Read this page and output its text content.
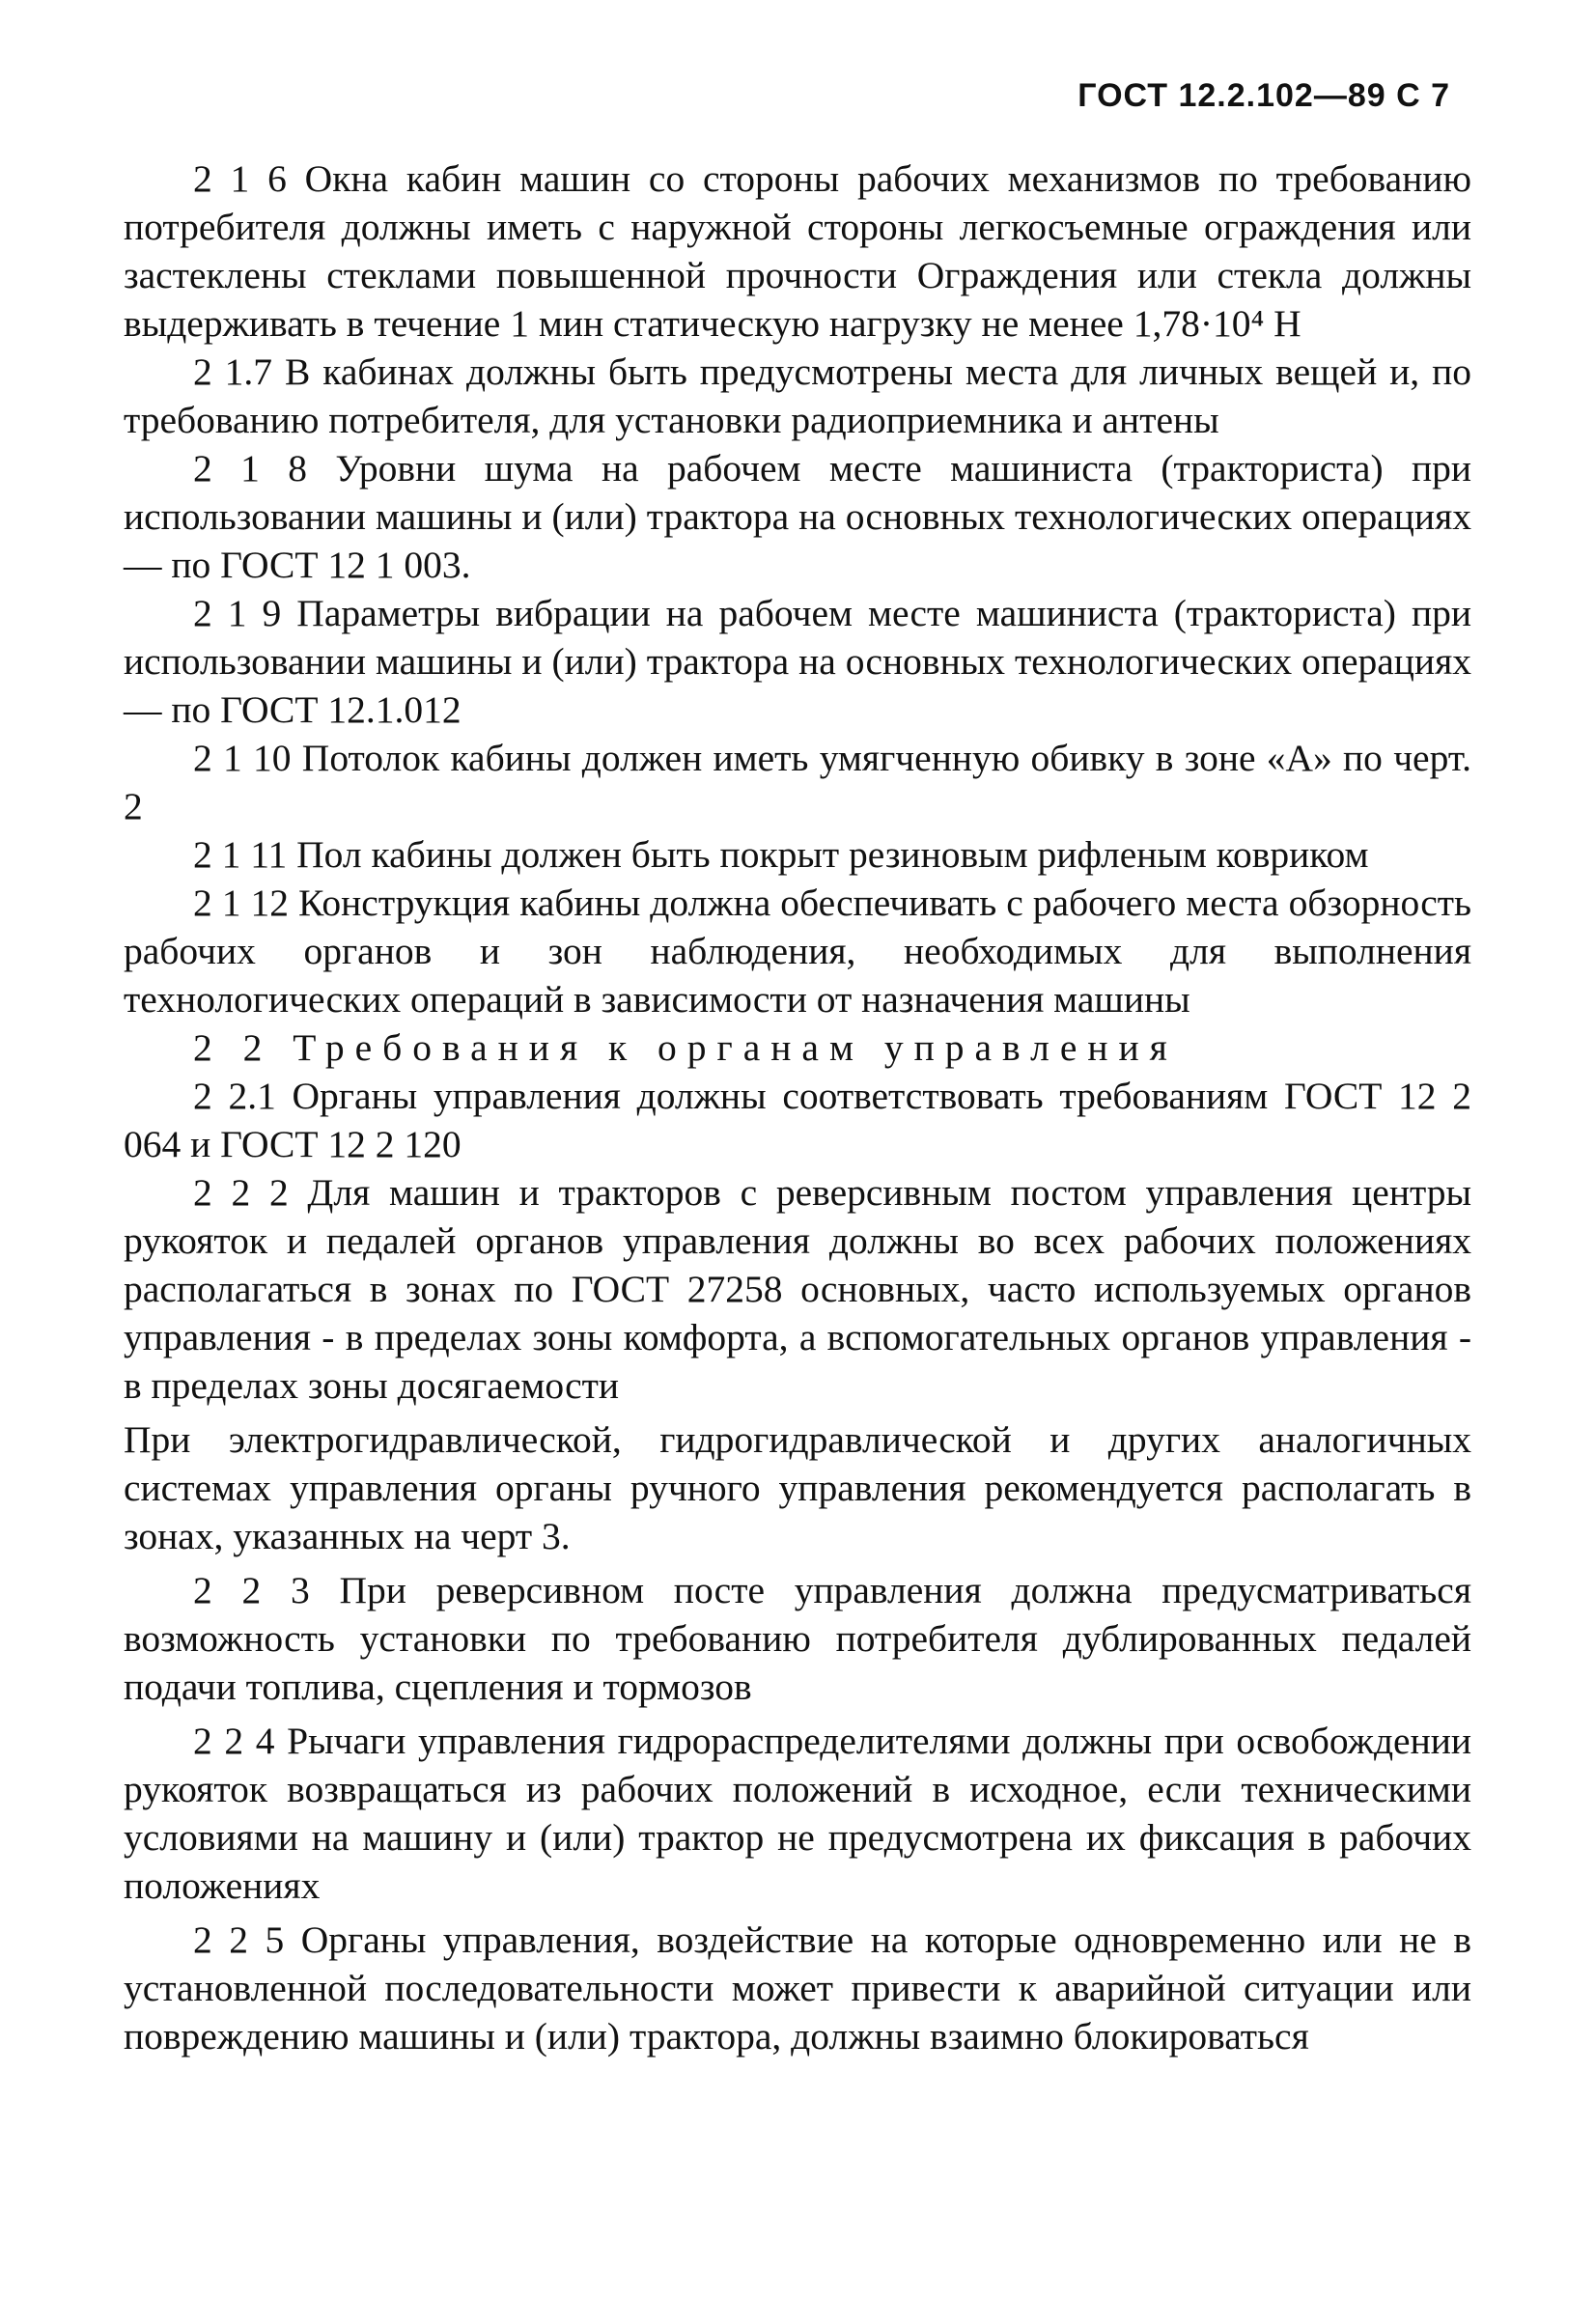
ГОСТ 12.2.102—89 С 7

2 1 6 Окна кабин машин со стороны рабочих механизмов по требованию потребителя должны иметь с наружной стороны легкосъемные ограждения или застеклены стеклами повышенной прочности Ограждения или стекла должны выдерживать в течение 1 мин статическую нагрузку не менее 1,78·10⁴ Н

2 1.7 В кабинах должны быть предусмотрены места для личных вещей и, по требованию потребителя, для установки радиоприемника и антены

2 1 8 Уровни шума на рабочем месте машиниста (тракториста) при использовании машины и (или) трактора на основных технологических операциях — по ГОСТ 12 1 003.

2 1 9 Параметры вибрации на рабочем месте машиниста (тракториста) при использовании машины и (или) трактора на основных технологических операциях — по ГОСТ 12.1.012

2 1 10 Потолок кабины должен иметь умягченную обивку в зоне «А» по черт. 2

2 1 11 Пол кабины должен быть покрыт резиновым рифленым ковриком

2 1 12 Конструкция кабины должна обеспечивать с рабочего места обзорность рабочих органов и зон наблюдения, необходимых для выполнения технологических операций в зависимости от назначения машины

2 2 Требования к органам управления

2 2.1 Органы управления должны соответствовать требованиям ГОСТ 12 2 064 и ГОСТ 12 2 120

2 2 2 Для машин и тракторов с реверсивным постом управления центры рукояток и педалей органов управления должны во всех рабочих положениях располагаться в зонах по ГОСТ 27258 основных, часто используемых органов управления - в пределах зоны комфорта, а вспомогательных органов управления - в пределах зоны досягаемости

При электрогидравлической, гидрогидравлической и других аналогичных системах управления органы ручного управления рекомендуется располагать в зонах, указанных на черт 3.

2 2 3 При реверсивном посте управления должна предусматриваться возможность установки по требованию потребителя дублированных педалей подачи топлива, сцепления и тормозов

2 2 4 Рычаги управления гидрораспределителями должны при освобождении рукояток возвращаться из рабочих положений в исходное, если техническими условиями на машину и (или) трактор не предусмотрена их фиксация в рабочих положениях

2 2 5 Органы управления, воздействие на которые одновременно или не в установленной последовательности может привести к аварийной ситуации или повреждению машины и (или) трактора, должны взаимно блокироваться
